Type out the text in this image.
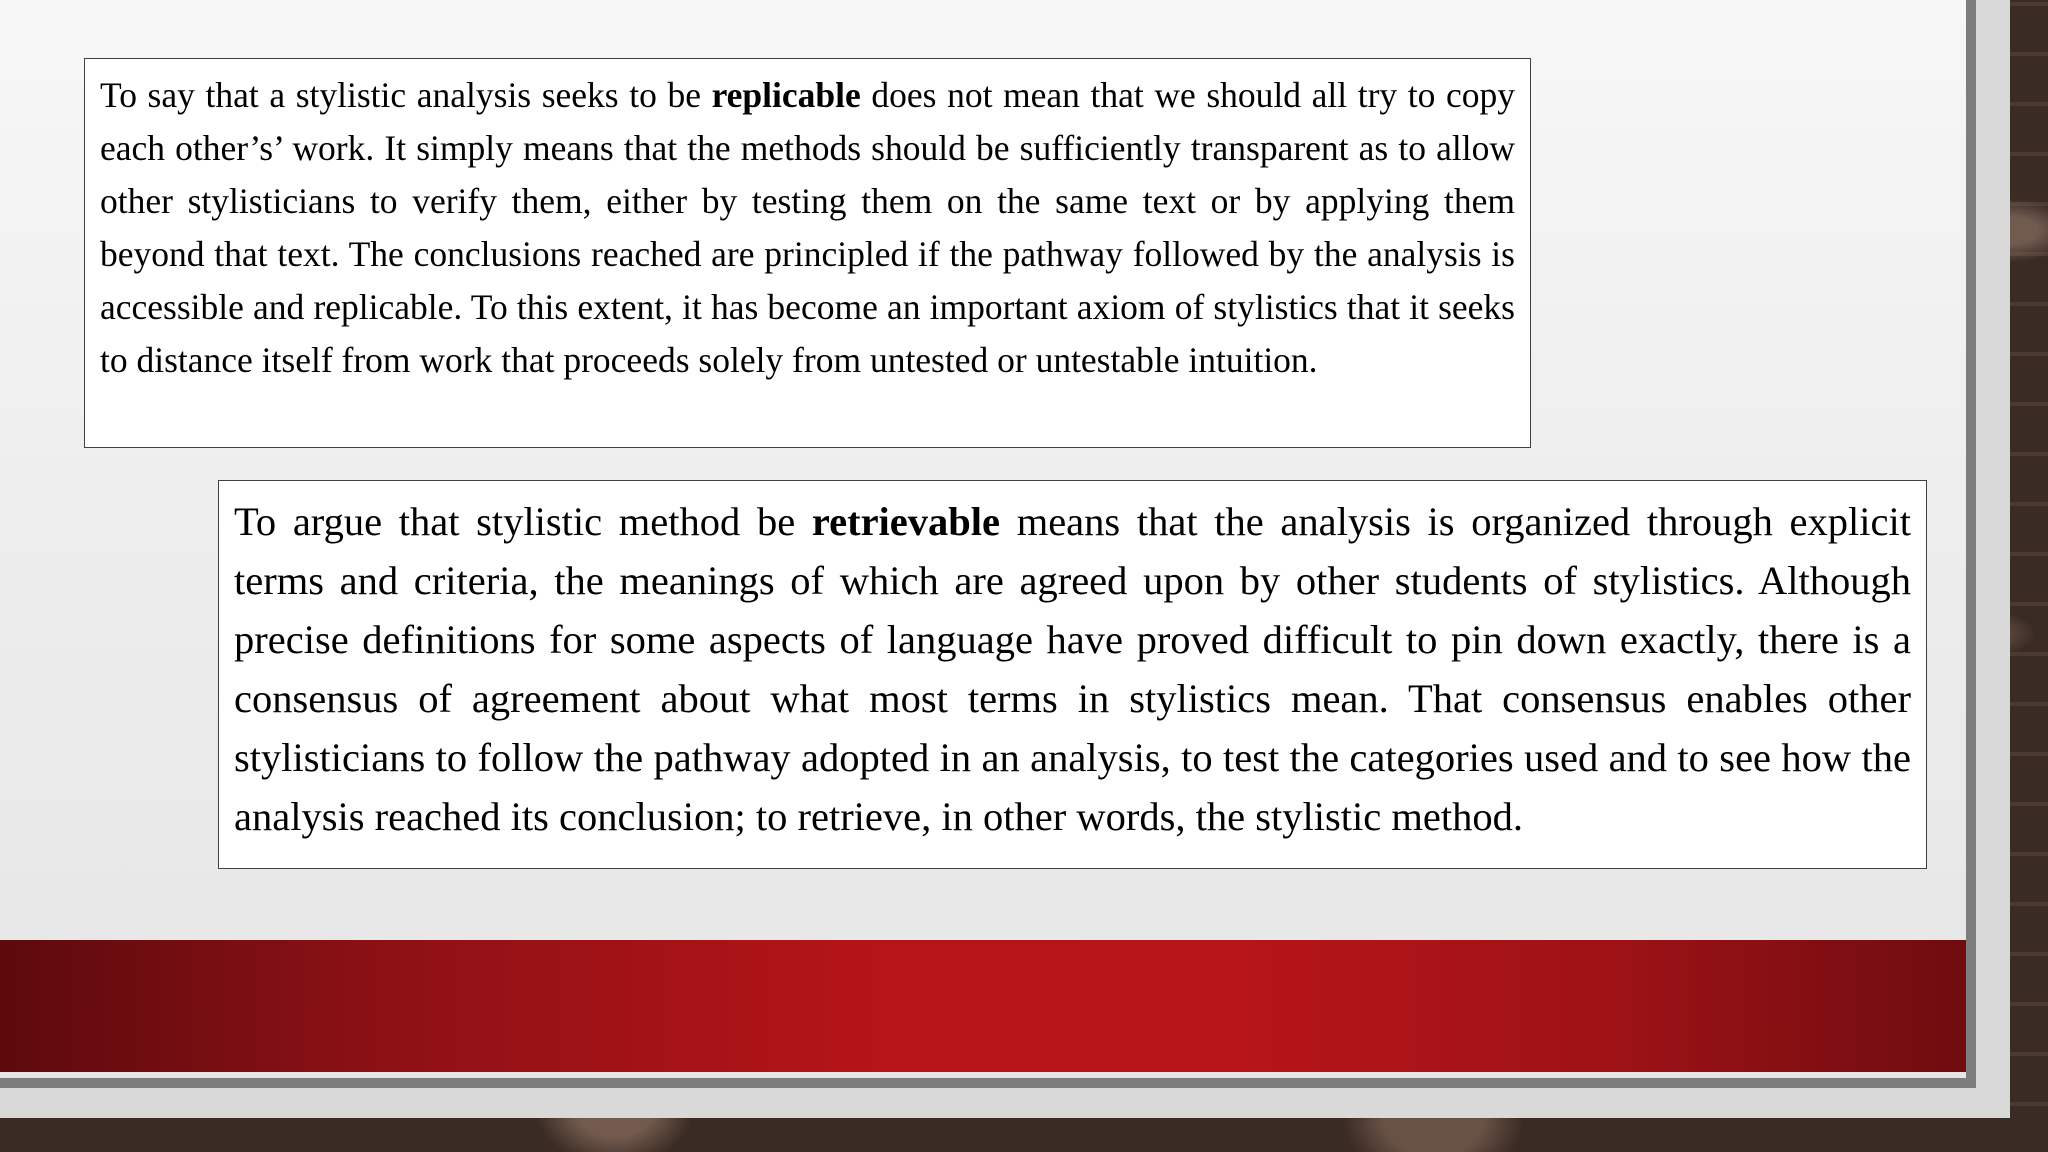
To say that a stylistic analysis seeks to be replicable does not mean that we should all try to copy each other’s’ work. It simply means that the methods should be sufficiently transparent as to allow other stylisticians to verify them, either by testing them on the same text or by applying them beyond that text. The conclusions reached are principled if the pathway followed by the analysis is accessible and replicable. To this extent, it has become an important axiom of stylistics that it seeks to distance itself from work that proceeds solely from untested or untestable intuition.
To argue that stylistic method be retrievable means that the analysis is organized through explicit terms and criteria, the meanings of which are agreed upon by other students of stylistics. Although precise definitions for some aspects of language have proved difficult to pin down exactly, there is a consensus of agreement about what most terms in stylistics mean. That consensus enables other stylisticians to follow the pathway adopted in an analysis, to test the categories used and to see how the analysis reached its conclusion; to retrieve, in other words, the stylistic method.
